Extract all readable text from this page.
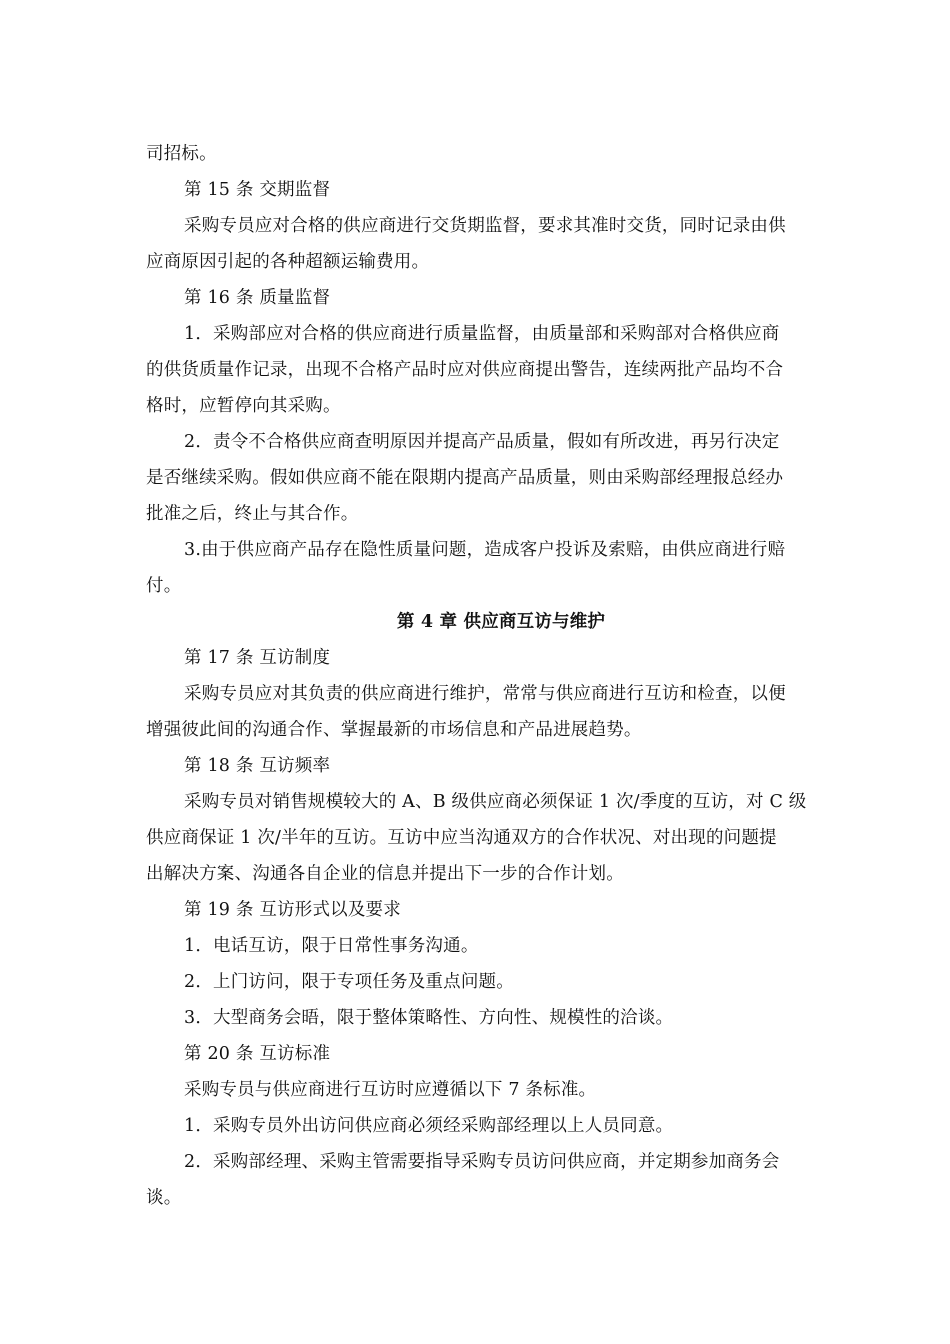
司招标。
第 15 条 交期监督
采购专员应对合格的供应商进行交货期监督，要求其准时交货，同时记录由供
应商原因引起的各种超额运输费用。
第 16 条 质量监督
1．采购部应对合格的供应商进行质量监督，由质量部和采购部对合格供应商
的供货质量作记录，出现不合格产品时应对供应商提出警告，连续两批产品均不合
格时，应暂停向其采购。
2．责令不合格供应商查明原因并提高产品质量，假如有所改进，再另行决定
是否继续采购。假如供应商不能在限期内提高产品质量，则由采购部经理报总经办
批准之后，终止与其合作。
3.由于供应商产品存在隐性质量问题，造成客户投诉及索赔，由供应商进行赔
付。
第 4 章 供应商互访与维护
第 17 条 互访制度
采购专员应对其负责的供应商进行维护，常常与供应商进行互访和检查，以便
增强彼此间的沟通合作、掌握最新的市场信息和产品进展趋势。
第 18 条 互访频率
采购专员对销售规模较大的 A、B 级供应商必须保证 1 次/季度的互访，对 C 级
供应商保证 1 次/半年的互访。互访中应当沟通双方的合作状况、对出现的问题提
出解决方案、沟通各自企业的信息并提出下一步的合作计划。
第 19 条 互访形式以及要求
1．电话互访，限于日常性事务沟通。
2．上门访问，限于专项任务及重点问题。
3．大型商务会晤，限于整体策略性、方向性、规模性的洽谈。
第 20 条 互访标准
采购专员与供应商进行互访时应遵循以下 7 条标准。
1．采购专员外出访问供应商必须经采购部经理以上人员同意。
2．采购部经理、采购主管需要指导采购专员访问供应商，并定期参加商务会
谈。
